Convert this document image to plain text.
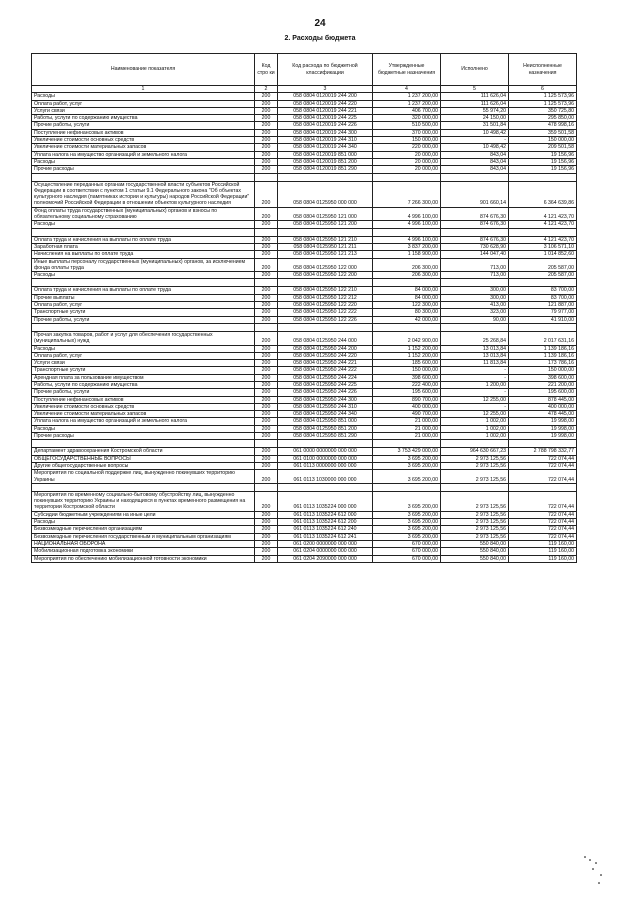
24
2. Расходы бюджета
Наименование показателя	Код стро ки	Код расхода по бюджетной классификации	Утвержденные бюджетные назначения	Исполнено	Неисполненные назначения
1	2	3	4	5	6
Расходы	200	058 0804 0120019 244 200	1 237 200,00	111 626,04	1 125 573,96
Оплата работ, услуг	200	058 0804 0120019 244 220	1 237 200,00	111 626,04	1 125 573,96
Услуги связи	200	058 0804 0120019 244 221	406 700,00	55 974,20	350 725,80
Работы, услуги по содержанию имущества	200	058 0804 0120019 244 225	320 000,00	24 150,00	295 850,00
Прочие работы, услуги	200	058 0804 0120019 244 226	510 500,00	31 501,84	478 998,16
Поступление нефинансовых активов	200	058 0804 0120019 244 300	370 000,00	10 498,42	359 501,58
Увеличение стоимости основных средств	200	058 0804 0120019 244 310	150 000,00	-	150 000,00
Увеличение стоимости материальных запасов	200	058 0804 0120019 244 340	220 000,00	10 498,42	209 501,58
Уплата налога на имущество организаций и земельного налога	200	058 0804 0120019 851 000	20 000,00	843,04	19 156,96
Расходы	200	058 0804 0120019 851 200	20 000,00	843,04	19 156,96
Прочие расходы	200	058 0804 0120019 851 290	20 000,00	843,04	19 156,96

Осуществление переданных органам государственной власти субъектов Российской Федерации в соответствии с пунктом 1 статьи 9.1 Федерального закона "Об объектах культурного наследия (памятниках истории и культуры) народов Российской Федерации" полномочий Российской Федерации в отношении объектов культурного наследия	200	058 0804 0125950 000 000	7 266 300,00	901 660,14	6 364 639,86
Фонд оплаты труда государственных (муниципальных) органов и взносы по обязательному социальному страхованию	200	058 0804 0125950 121 000	4 996 100,00	874 676,30	4 121 423,70
Расходы	200	058 0804 0125950 121 200	4 996 100,00	874 676,30	4 121 423,70

Оплата труда и начисления на выплаты по оплате труда	200	058 0804 0125950 121 210	4 996 100,00	874 676,30	4 121 423,70
Заработная плата	200	058 0804 0125950 121 211	3 837 200,00	730 628,90	3 106 571,10
Начисления на выплаты по оплате труда	200	058 0804 0125950 121 213	1 158 900,00	144 047,40	1 014 852,60
Иные выплаты персоналу государственных (муниципальных) органов, за исключением фонда оплаты труда	200	058 0804 0125950 122 000	206 300,00	713,00	205 587,00
Расходы	200	058 0804 0125950 122 200	206 300,00	713,00	205 587,00

Оплата труда и начисления на выплаты по оплате труда	200	058 0804 0125950 122 210	84 000,00	300,00	83 700,00
Прочие выплаты	200	058 0804 0125950 122 212	84 000,00	300,00	83 700,00
Оплата работ, услуг	200	058 0804 0125950 122 220	122 300,00	413,00	121 887,00
Транспортные услуги	200	058 0804 0125950 122 222	80 300,00	323,00	79 977,00
Прочие работы, услуги	200	058 0804 0125950 122 226	42 000,00	90,00	41 910,00

Прочая закупка товаров, работ и услуг для обеспечения государственных (муниципальных) нужд	200	058 0804 0125950 244 000	2 042 900,00	25 268,84	2 017 631,16
Расходы	200	058 0804 0125950 244 200	1 152 200,00	13 013,84	1 139 186,16
Оплата работ, услуг	200	058 0804 0125950 244 220	1 152 200,00	13 013,84	1 139 186,16
Услуги связи	200	058 0804 0125950 244 221	185 600,00	11 813,84	173 786,16
Транспортные услуги	200	058 0804 0125950 244 222	150 000,00	-	150 000,00
Арендная плата за пользование имуществом	200	058 0804 0125950 244 224	398 600,00	-	398 600,00
Работы, услуги по содержанию имущества	200	058 0804 0125950 244 225	222 400,00	1 200,00	221 200,00
Прочие работы, услуги	200	058 0804 0125950 244 226	195 600,00	-	195 600,00
Поступление нефинансовых активов	200	058 0804 0125950 244 300	890 700,00	12 255,00	878 445,00
Увеличение стоимости основных средств	200	058 0804 0125950 244 310	400 000,00	-	400 000,00
Увеличение стоимости материальных запасов	200	058 0804 0125950 244 340	490 700,00	12 255,00	478 445,00
Уплата налога на имущество организаций и земельного налога	200	058 0804 0125950 851 000	21 000,00	1 002,00	19 998,00
Расходы	200	058 0804 0125950 851 200	21 000,00	1 002,00	19 998,00
Прочие расходы	200	058 0804 0125950 851 290	21 000,00	1 002,00	19 998,00

Департамент здравоохранения Костромской области	200	061 0000 0000000 000 000	3 753 429 000,00	964 630 667,23	2 788 798 332,77
ОБЩЕГОСУДАРСТВЕННЫЕ ВОПРОСЫ	200	061 0100 0000000 000 000	3 695 200,00	2 973 125,56	722 074,44
Другие общегосударственные вопросы	200	061 0113 0000000 000 000	3 695 200,00	2 973 125,56	722 074,44
Мероприятия по социальной поддержке лиц, вынужденно покинувших территорию Украины	200	061 0113 1030000 000 000	3 695 200,00	2 973 125,56	722 074,44

Мероприятия по временному социально-бытовому обустройству лиц, вынужденно покинувших территорию Украины и находящихся в пунктах временного размещения на территории Костромской области	200	061 0113 1035224 000 000	3 695 200,00	2 973 125,56	722 074,44
Субсидии бюджетным учреждениям на иные цели	200	061 0113 1035224 612 000	3 695 200,00	2 973 125,56	722 074,44
Расходы	200	061 0113 1035224 612 200	3 695 200,00	2 973 125,56	722 074,44
Безвозмездные перечисления организациям	200	061 0113 1035224 612 240	3 695 200,00	2 973 125,56	722 074,44
Безвозмездные перечисления государственным и муниципальным организациям	200	061 0113 1035224 612 241	3 695 200,00	2 973 125,56	722 074,44
НАЦИОНАЛЬНАЯ ОБОРОНА	200	061 0200 0000000 000 000	670 000,00	550 840,00	119 160,00
Мобилизационная подготовка экономики	200	061 0204 0000000 000 000	670 000,00	550 840,00	119 160,00
Мероприятия по обеспечению мобилизационной готовности экономики	200	061 0204 2090000 000 000	670 000,00	550 840,00	119 160,00
